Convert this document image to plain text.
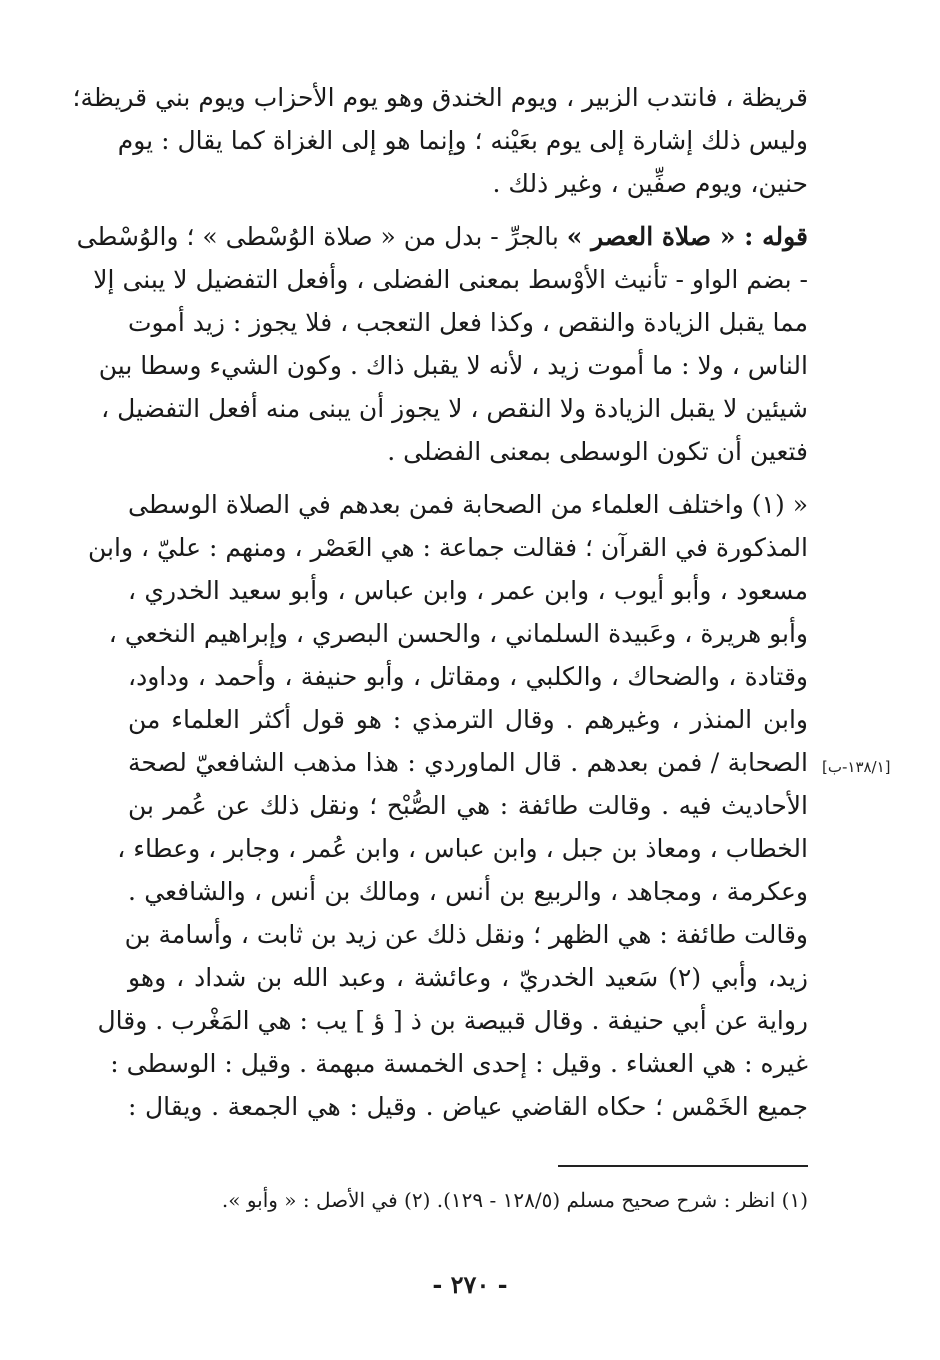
قريظة ، فانتدب الزبير ، ويوم الخندق وهو يوم الأحزاب ويوم بني قريظة؛
وليس ذلك إشارة إلى يوم بعَيْنه ؛ وإنما هو إلى الغزاة كما يقال : يوم
حنين، ويوم صفِّين ، وغير ذلك .
قوله : « صلاة العصر » بالجرِّ - بدل من « صلاة الوُسْطى » ؛ والوُسْطى
- بضم الواو - تأنيث الأوْسط بمعنى الفضلى ، وأفعل التفضيل لا يبنى إلا
مما يقبل الزيادة والنقص ، وكذا فعل التعجب ، فلا يجوز : زيد أموت
الناس ، ولا : ما أموت زيد ، لأنه لا يقبل ذاك . وكون الشيء وسطا بين
شيئين لا يقبل الزيادة ولا النقص ، لا يجوز أن يبنى منه أفعل التفضيل ،
فتعين أن تكون الوسطى بمعنى الفضلى .
« (١) واختلف العلماء من الصحابة فمن بعدهم في الصلاة الوسطى
المذكورة في القرآن ؛ فقالت جماعة : هي العَصْر ، ومنهم : عليّ ، وابن
مسعود ، وأبو أيوب ، وابن عمر ، وابن عباس ، وأبو سعيد الخدري ،
وأبو هريرة ، وعَبيدة السلماني ، والحسن البصري ، وإبراهيم النخعي ،
وقتادة ، والضحاك ، والكلبي ، ومقاتل ، وأبو حنيفة ، وأحمد ، وداود،
وابن المنذر ، وغيرهم . وقال الترمذي : هو قول أكثر العلماء من
الصحابة / فمن بعدهم . قال الماوردي : هذا مذهب الشافعيّ لصحة
الأحاديث فيه . وقالت طائفة : هي الصُّبْح ؛ ونقل ذلك عن عُمر بن
الخطاب ، ومعاذ بن جبل ، وابن عباس ، وابن عُمر ، وجابر ، وعطاء ،
وعكرمة ، ومجاهد ، والربيع بن أنس ، ومالك بن أنس ، والشافعي .
وقالت طائفة : هي الظهر ؛ ونقل ذلك عن زيد بن ثابت ، وأسامة بن
زيد، وأبي (٢) سَعيد الخدريّ ، وعائشة ، وعبد الله بن شداد ، وهو
رواية عن أبي حنيفة . وقال قبيصة بن ذ [ ؤ ] يب : هي المَغْرب . وقال
غيره : هي العشاء . وقيل : إحدى الخمسة مبهمة . وقيل : الوسطى :
جميع الخَمْس ؛ حكاه القاضي عياض . وقيل : هي الجمعة . ويقال :
[١٣٨/١-ب]
(١) انظر : شرح صحيح مسلم (١٢٨/٥ - ١٢٩). (٢) في الأصل : « وأبو ».
- ٢٧٠ -
